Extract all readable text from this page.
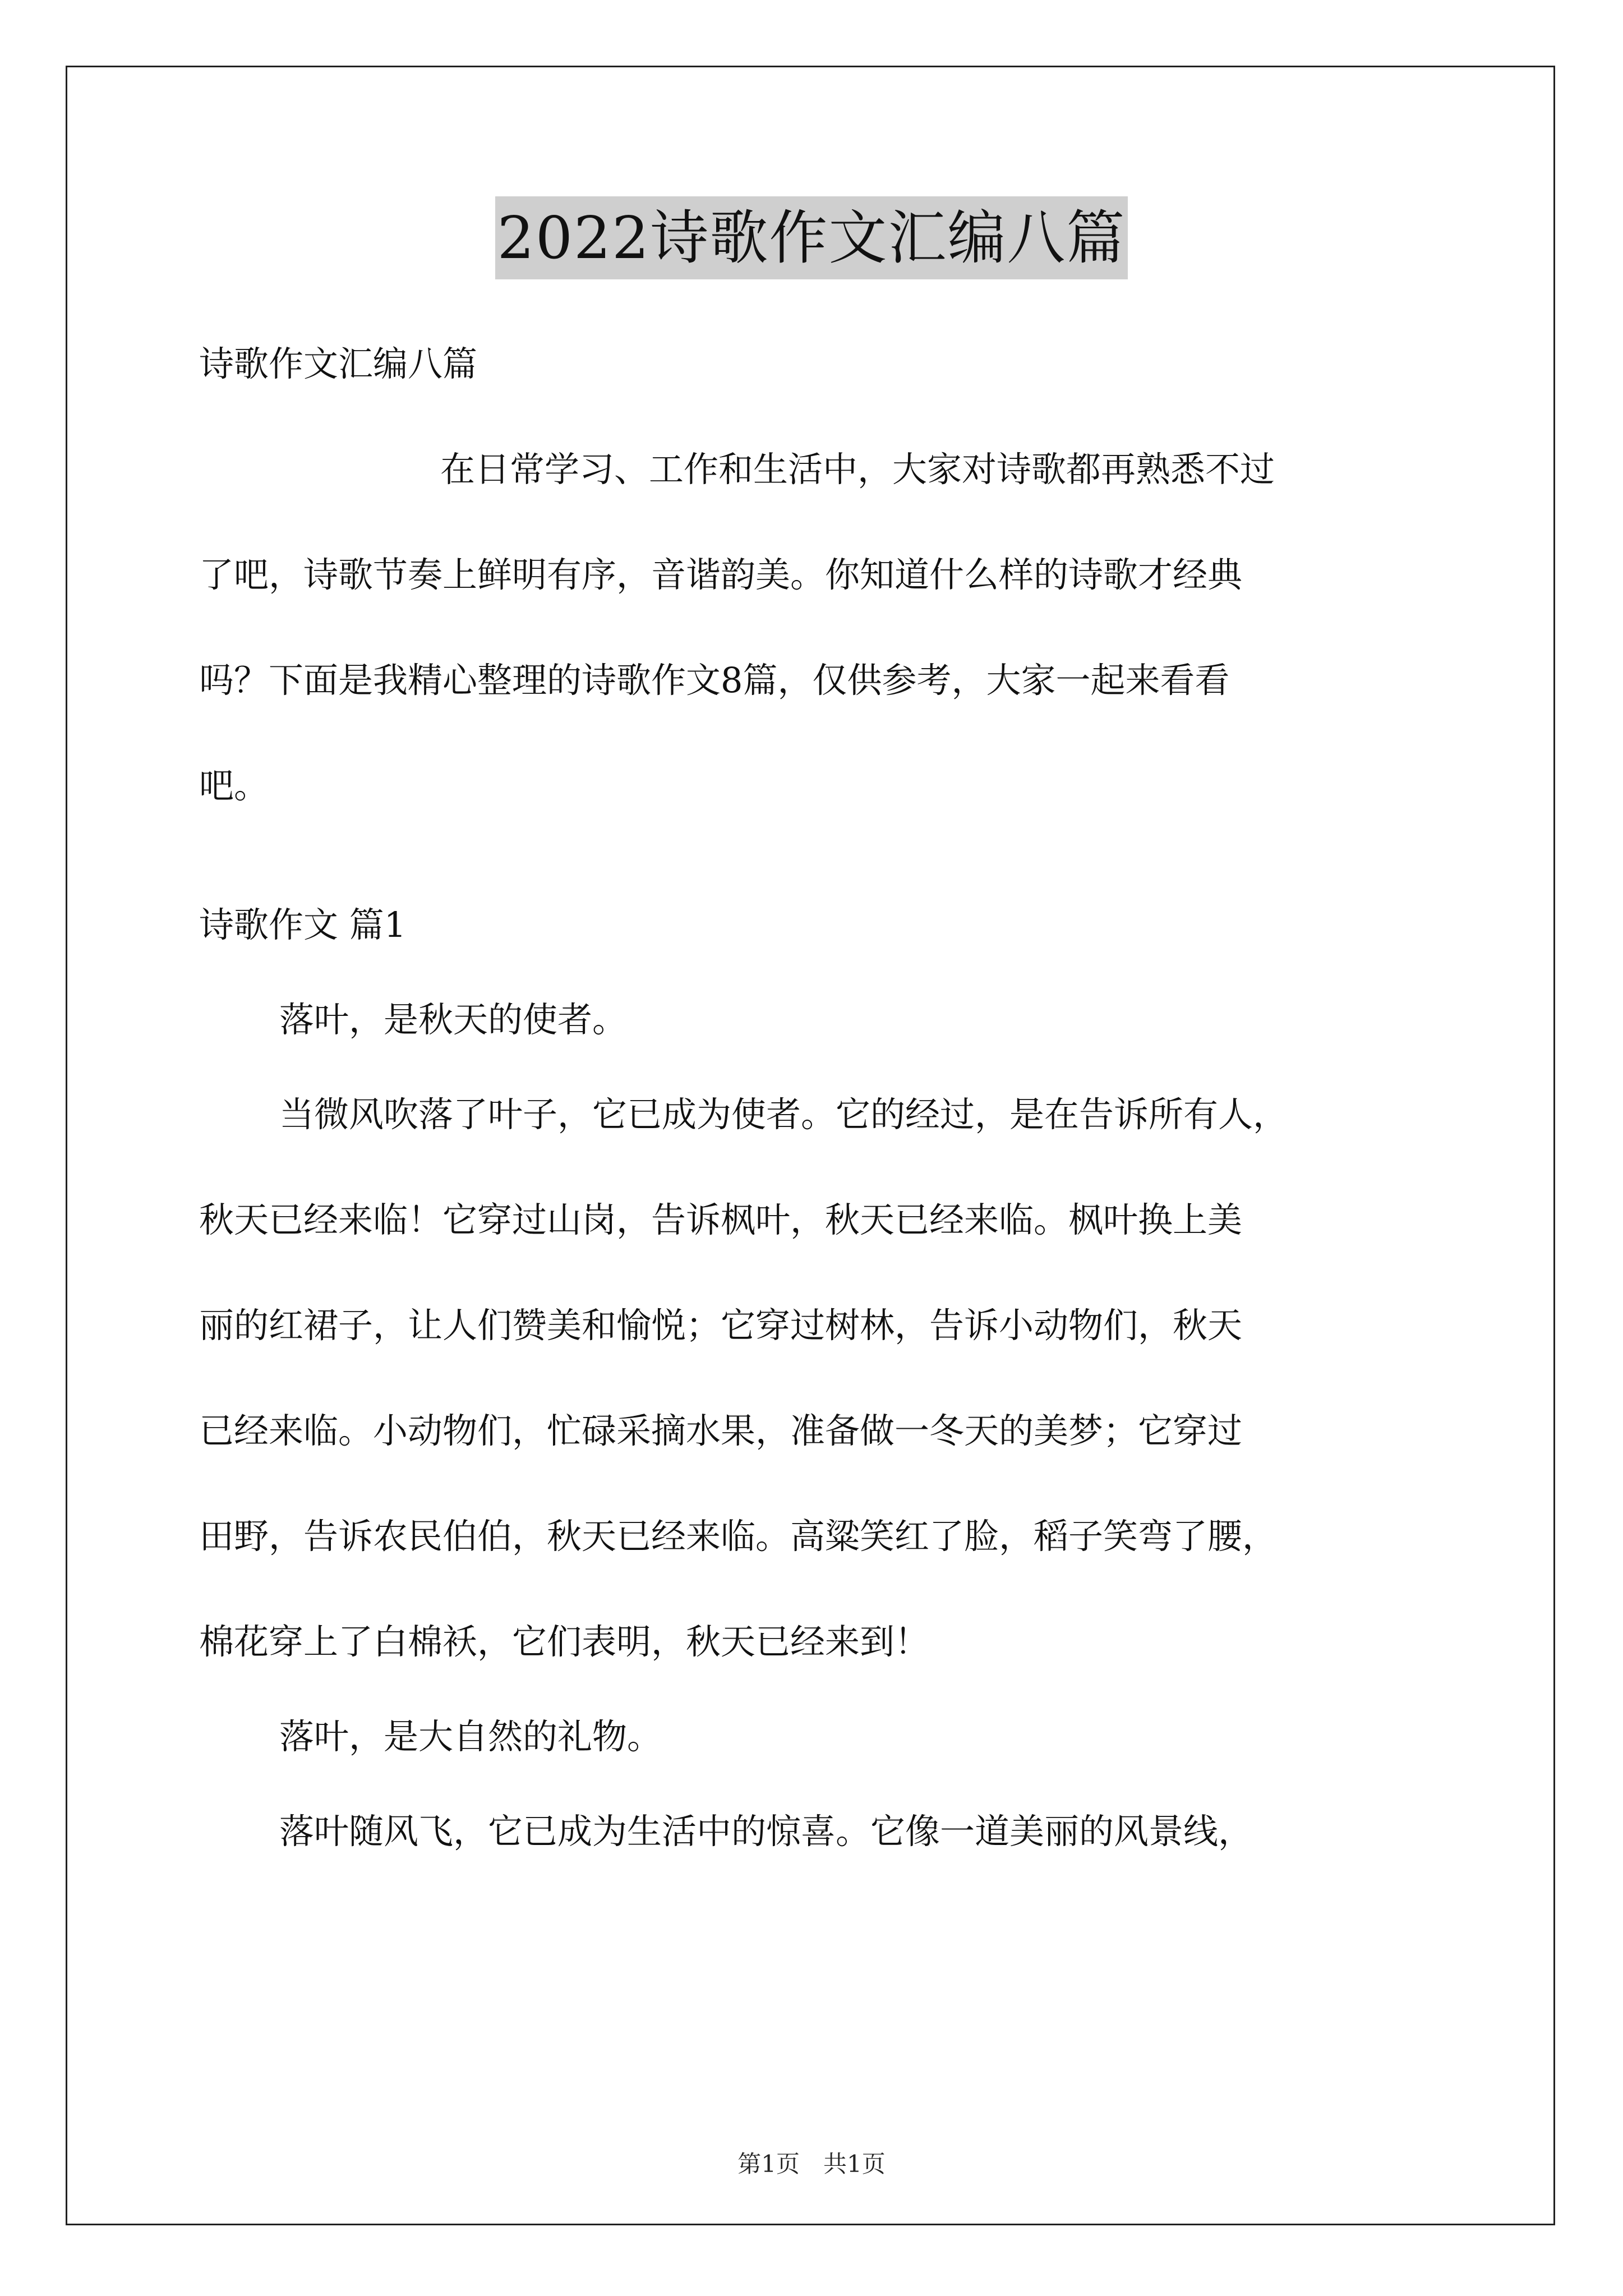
2022诗歌作文汇编八篇
诗歌作文汇编八篇
在日常学习、工作和生活中，大家对诗歌都再熟悉不过
了吧，诗歌节奏上鲜明有序，音谐韵美。你知道什么样的诗歌才经典
吗？下面是我精心整理的诗歌作文8篇，仅供参考，大家一起来看看
吧。
诗歌作文 篇1
落叶，是秋天的使者。
当微风吹落了叶子，它已成为使者。它的经过，是在告诉所有人，
秋天已经来临！它穿过山岗，告诉枫叶，秋天已经来临。枫叶换上美
丽的红裙子，让人们赞美和愉悦；它穿过树林，告诉小动物们，秋天
已经来临。小动物们，忙碌采摘水果，准备做一冬天的美梦；它穿过
田野，告诉农民伯伯，秋天已经来临。高粱笑红了脸，稻子笑弯了腰，
棉花穿上了白棉袄，它们表明，秋天已经来到！
落叶，是大自然的礼物。
落叶随风飞，它已成为生活中的惊喜。它像一道美丽的风景线，
第1页　共1页
